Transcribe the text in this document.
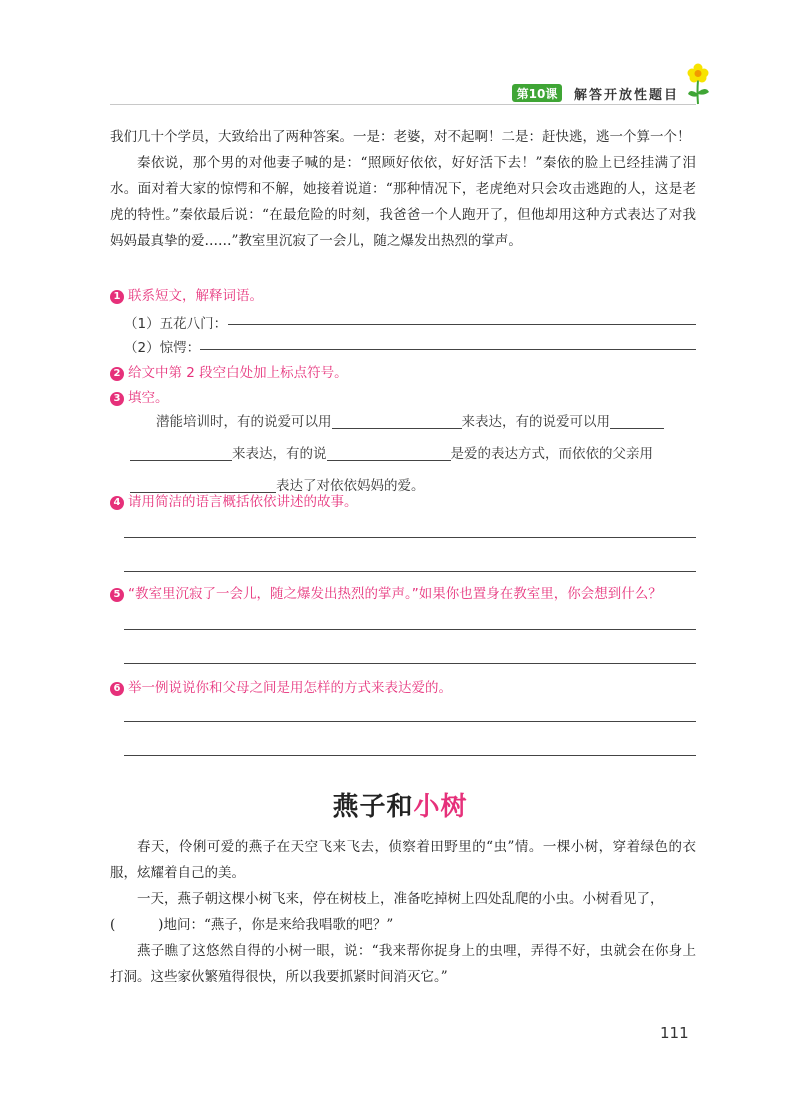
第10课	解答开放性题目

我们几十个学员，大致给出了两种答案。一是：老婆，对不起啊！二是：赶快逃，逃一个算一个！

秦依说，那个男的对他妻子喊的是：“照顾好依依，好好活下去！”秦依的脸上已经挂满了泪水。面对着大家的惊愕和不解，她接着说道：“那种情况下，老虎绝对只会攻击逃跑的人，这是老虎的特性。”秦依最后说：“在最危险的时刻，我爸爸一个人跑开了，但他却用这种方式表达了对我妈妈最真挚的爱……”教室里沉寂了一会儿，随之爆发出热烈的掌声。

1 联系短文，解释词语。
（1）五花八门：
（2）惊愕：
2 给文中第 2 段空白处加上标点符号。
3 填空。
潜能培训时，有的说爱可以用	来表达，有的说爱可以用
来表达，有的说	是爱的表达方式，而依依的父亲用
表达了对依依妈妈的爱。
4 请用简洁的语言概括依依讲述的故事。
5 “教室里沉寂了一会儿，随之爆发出热烈的掌声。”如果你也置身在教室里，你会想到什么？
6 举一例说说你和父母之间是用怎样的方式来表达爱的。
燕子和小树

春天，伶俐可爱的燕子在天空飞来飞去，侦察着田野里的“虫”情。一棵小树，穿着绿色的衣服，炫耀着自己的美。

一天，燕子朝这棵小树飞来，停在树枝上，准备吃掉树上四处乱爬的小虫。小树看见了，
(          )地问：“燕子，你是来给我唱歌的吧？”

燕子瞧了这悠然自得的小树一眼，说：“我来帮你捉身上的虫哩，弄得不好，虫就会在你身上打洞。这些家伙繁殖得很快，所以我要抓紧时间消灭它。”

111
